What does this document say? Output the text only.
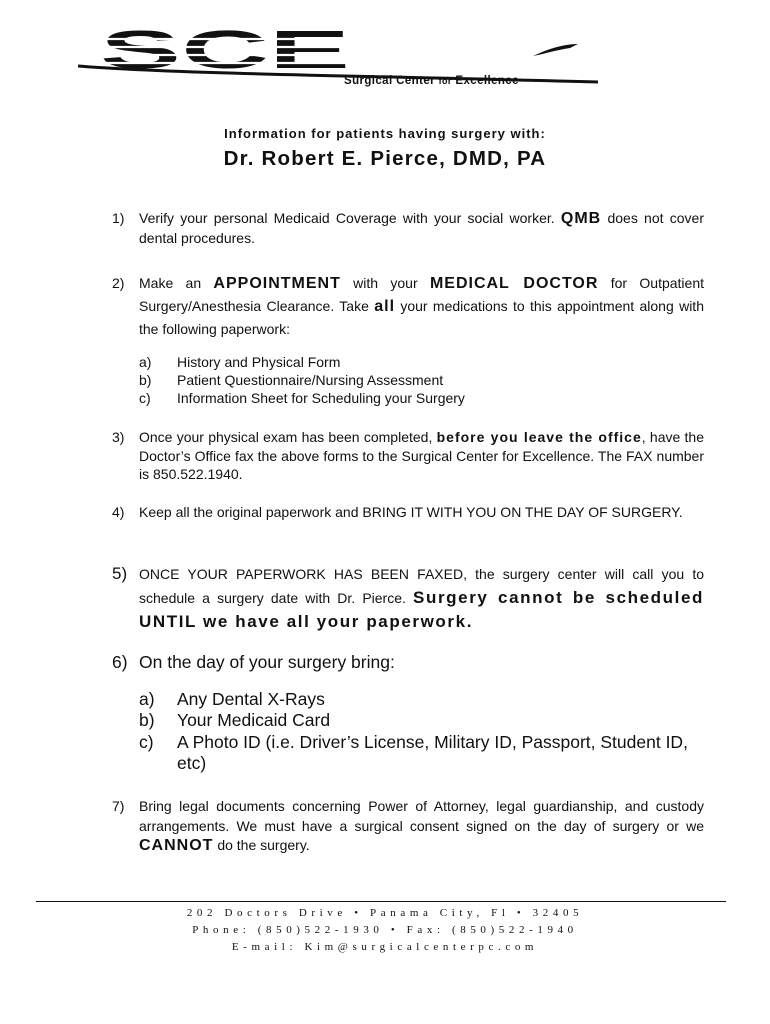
SCE
Surgical Center for Excellence
Information for patients having surgery with:
Dr. Robert E. Pierce, DMD, PA
1) Verify your personal Medicaid Coverage with your social worker. QMB does not cover dental procedures.
2) Make an APPOINTMENT with your MEDICAL DOCTOR for Outpatient Surgery/Anesthesia Clearance. Take all your medications to this appointment along with the following paperwork:
a) History and Physical Form
b) Patient Questionnaire/Nursing Assessment
c) Information Sheet for Scheduling your Surgery
3) Once your physical exam has been completed, before you leave the office, have the Doctor’s Office fax the above forms to the Surgical Center for Excellence. The FAX number is 850.522.1940.
4) Keep all the original paperwork and BRING IT WITH YOU ON THE DAY OF SURGERY.
5) ONCE YOUR PAPERWORK HAS BEEN FAXED, the surgery center will call you to schedule a surgery date with Dr. Pierce. Surgery cannot be scheduled UNTIL we have all your paperwork.
6) On the day of your surgery bring:
a) Any Dental X-Rays
b) Your Medicaid Card
c) A Photo ID (i.e. Driver’s License, Military ID, Passport, Student ID, etc)
7) Bring legal documents concerning Power of Attorney, legal guardianship, and custody arrangements. We must have a surgical consent signed on the day of surgery or we CANNOT do the surgery.
202 Doctors Drive • Panama City, Fl • 32405
Phone: (850)522-1930 • Fax: (850)522-1940
E-mail: Kim@surgicalcenterpc.com
